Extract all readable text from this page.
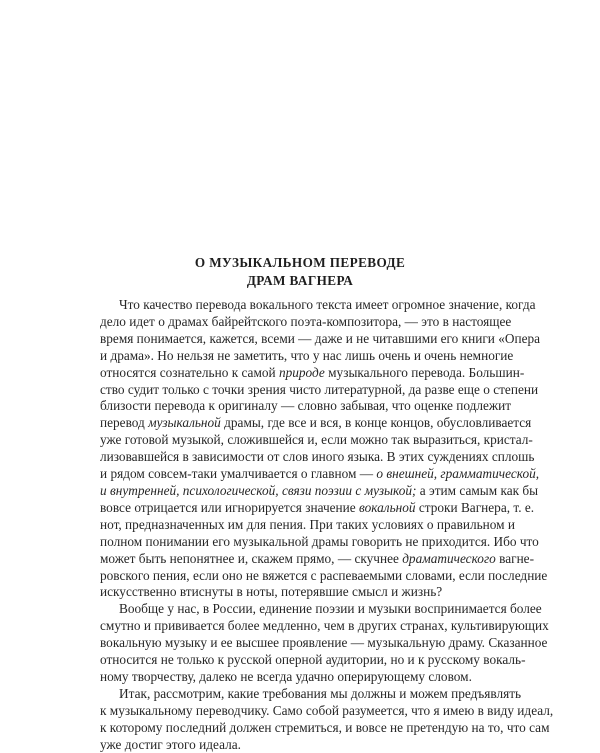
О МУЗЫКАЛЬНОМ ПЕРЕВОДЕ
ДРАМ ВАГНЕРА
Что качество перевода вокального текста имеет огромное значение, когда
дело идет о драмах байрейтского поэта-композитора, — это в настоящее
время понимается, кажется, всеми — даже и не читавшими его книги «Опера
и драма». Но нельзя не заметить, что у нас лишь очень и очень немногие
относятся сознательно к самой природе музыкального перевода. Большин-
ство судит только с точки зрения чисто литературной, да разве еще о степени
близости перевода к оригиналу — словно забывая, что оценке подлежит
перевод музыкальной драмы, где все и вся, в конце концов, обусловливается
уже готовой музыкой, сложившейся и, если можно так выразиться, кристал-
лизовавшейся в зависимости от слов иного языка. В этих суждениях сплошь
и рядом совсем-таки умалчивается о главном — о внешней, грамматической,
и внутренней, психологической, связи поэзии с музыкой; а этим самым как бы
вовсе отрицается или игнорируется значение вокальной строки Вагнера, т. е.
нот, предназначенных им для пения. При таких условиях о правильном и
полном понимании его музыкальной драмы говорить не приходится. Ибо что
может быть непонятнее и, скажем прямо, — скучнее драматического вагне-
ровского пения, если оно не вяжется с распеваемыми словами, если последние
искусственно втиснуты в ноты, потерявшие смысл и жизнь?
Вообще у нас, в России, единение поэзии и музыки воспринимается более
смутно и прививается более медленно, чем в других странах, культивирующих
вокальную музыку и ее высшее проявление — музыкальную драму. Сказанное
относится не только к русской оперной аудитории, но и к русскому вокаль-
ному творчеству, далеко не всегда удачно оперирующему словом.
Итак, рассмотрим, какие требования мы должны и можем предъявлять
к музыкальному переводчику. Само собой разумеется, что я имею в виду идеал,
к которому последний должен стремиться, и вовсе не претендую на то, что сам
уже достиг этого идеала.
